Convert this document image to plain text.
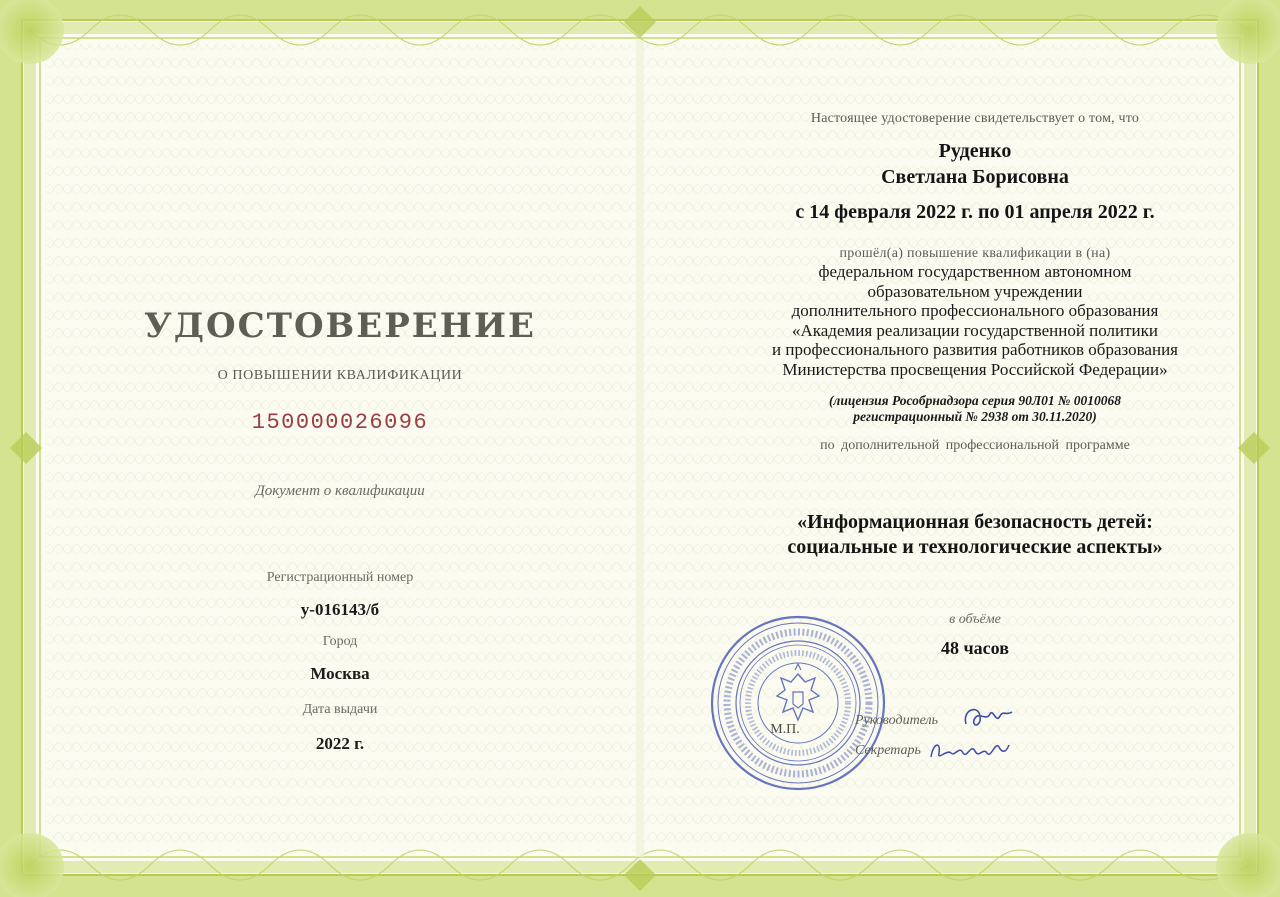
УДОСТОВЕРЕНИЕ
О ПОВЫШЕНИИ КВАЛИФИКАЦИИ
150000026096
Документ о квалификации
Регистрационный номер
у-016143/б
Город
Москва
Дата выдачи
2022 г.
Настоящее удостоверение свидетельствует о том, что
Руденко
Светлана Борисовна
с 14 февраля 2022 г. по 01 апреля 2022 г.
прошёл(а) повышение квалификации в (на)
федеральном государственном автономном
образовательном учреждении
дополнительного профессионального образования
«Академия реализации государственной политики
и профессионального развития работников образования
Министерства просвещения Российской Федерации»
(лицензия Рособрнадзора серия 90Л01 № 0010068
регистрационный № 2938 от 30.11.2020)
по дополнительной профессиональной программе
«Информационная безопасность детей:
социальные и технологические аспекты»
в объёме
48 часов
М.П.
Руководитель
Секретарь
